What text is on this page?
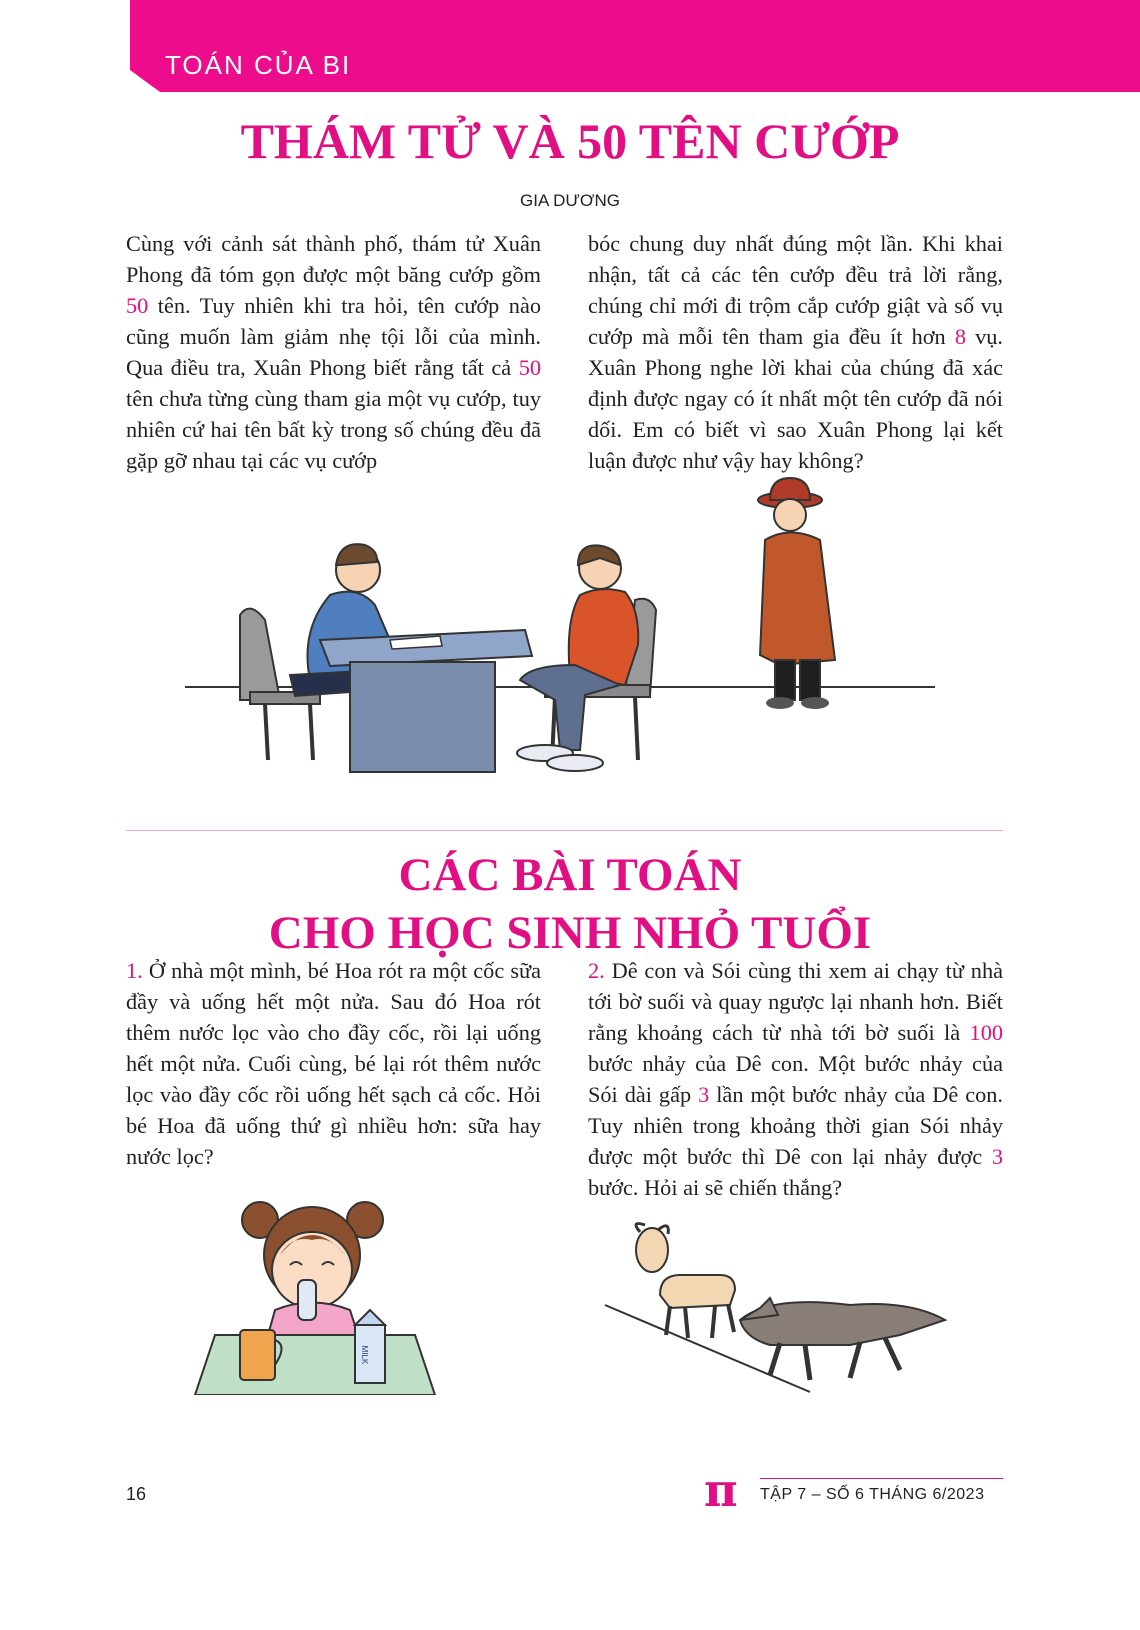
TOÁN CỦA BI
THÁM TỬ VÀ 50 TÊN CƯỚP
GIA DƯƠNG

Cùng với cảnh sát thành phố, thám tử Xuân Phong đã tóm gọn được một băng cướp gồm 50 tên. Tuy nhiên khi tra hỏi, tên cướp nào cũng muốn làm giảm nhẹ tội lỗi của mình. Qua điều tra, Xuân Phong biết rằng tất cả 50 tên chưa từng cùng tham gia một vụ cướp, tuy nhiên cứ hai tên bất kỳ trong số chúng đều đã gặp gỡ nhau tại các vụ cướp

bóc chung duy nhất đúng một lần. Khi khai nhận, tất cả các tên cướp đều trả lời rằng, chúng chỉ mới đi trộm cắp cướp giật và số vụ cướp mà mỗi tên tham gia đều ít hơn 8 vụ. Xuân Phong nghe lời khai của chúng đã xác định được ngay có ít nhất một tên cướp đã nói dối. Em có biết vì sao Xuân Phong lại kết luận được như vậy hay không?

CÁC BÀI TOÁN
CHO HỌC SINH NHỎ TUỔI

1. Ở nhà một mình, bé Hoa rót ra một cốc sữa đầy và uống hết một nửa. Sau đó Hoa rót thêm nước lọc vào cho đầy cốc, rồi lại uống hết một nửa. Cuối cùng, bé lại rót thêm nước lọc vào đầy cốc rồi uống hết sạch cả cốc. Hỏi bé Hoa đã uống thứ gì nhiều hơn: sữa hay nước lọc?

2. Dê con và Sói cùng thi xem ai chạy từ nhà tới bờ suối và quay ngược lại nhanh hơn. Biết rằng khoảng cách từ nhà tới bờ suối là 100 bước nhảy của Dê con. Một bước nhảy của Sói dài gấp 3 lần một bước nhảy của Dê con. Tuy nhiên trong khoảng thời gian Sói nhảy được một bước thì Dê con lại nhảy được 3 bước. Hỏi ai sẽ chiến thắng?

MILK
16	π TẬP 7 – SỐ 6 THÁNG 6/2023
